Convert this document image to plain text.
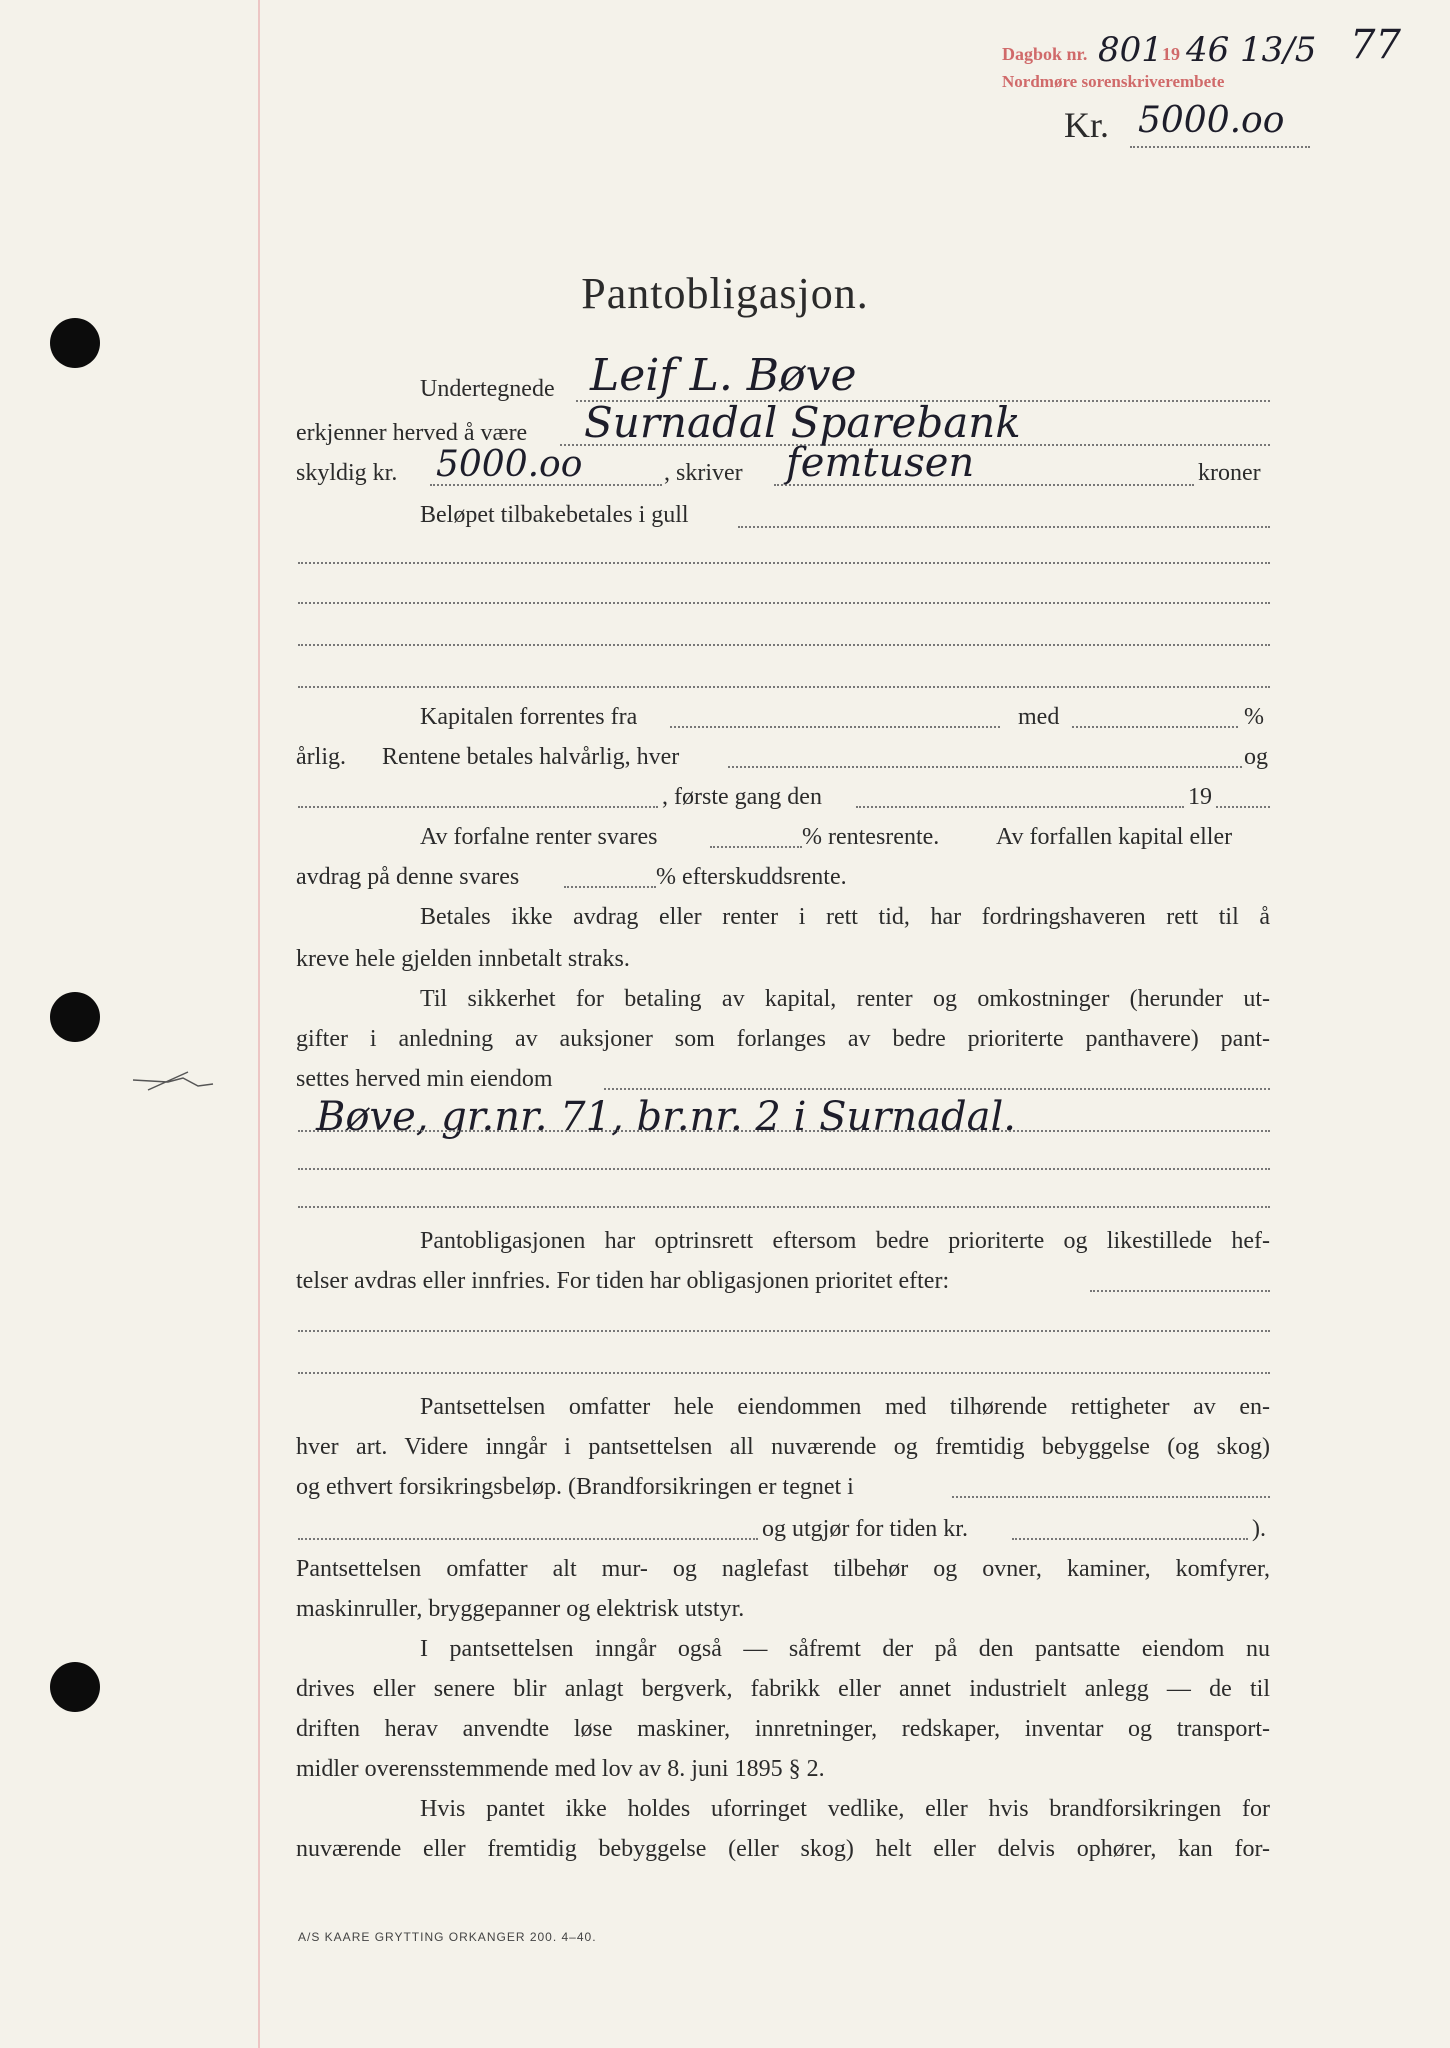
Dagbok nr. 801 19 46 13/5 77
Nordmøre sorenskriverembete
Kr. 5000.oo
Pantobligasjon.
Undertegnede Leif L. Bøve
erkjenner herved å være Surnadal Sparebank
skyldig kr. 5000.oo	, skriver femtusen	kroner
Beløpet tilbakebetales i gull
Kapitalen forrentes fra	med	%
årlig. Rentene betales halvårlig, hver	og
, første gang den	19
Av forfalne renter svares	% rentesrente. Av forfallen kapital eller
avdrag på denne svares	% efterskuddsrente.
Betales ikke avdrag eller renter i rett tid, har fordringshaveren rett til å
kreve hele gjelden innbetalt straks.
Til sikkerhet for betaling av kapital, renter og omkostninger (herunder ut-
gifter i anledning av auksjoner som forlanges av bedre prioriterte panthavere) pant-
settes herved min eiendom
Bøve, gr.nr. 71, br.nr. 2 i Surnadal.
Pantobligasjonen har optrinsrett eftersom bedre prioriterte og likestillede hef-
telser avdras eller innfries. For tiden har obligasjonen prioritet efter:
Pantsettelsen omfatter hele eiendommen med tilhørende rettigheter av en-
hver art. Videre inngår i pantsettelsen all nuværende og fremtidig bebyggelse (og skog)
og ethvert forsikringsbeløp. (Brandforsikringen er tegnet i
og utgjør for tiden kr.	).
Pantsettelsen omfatter alt mur- og naglefast tilbehør og ovner, kaminer, komfyrer,
maskinruller, bryggepanner og elektrisk utstyr.
I pantsettelsen inngår også — såfremt der på den pantsatte eiendom nu
drives eller senere blir anlagt bergverk, fabrikk eller annet industrielt anlegg — de til
driften herav anvendte løse maskiner, innretninger, redskaper, inventar og transport-
midler overensstemmende med lov av 8. juni 1895 § 2.
Hvis pantet ikke holdes uforringet vedlike, eller hvis brandforsikringen for
nuværende eller fremtidig bebyggelse (eller skog) helt eller delvis ophører, kan for-
A/S KAARE GRYTTING ORKANGER 200. 4–40.
